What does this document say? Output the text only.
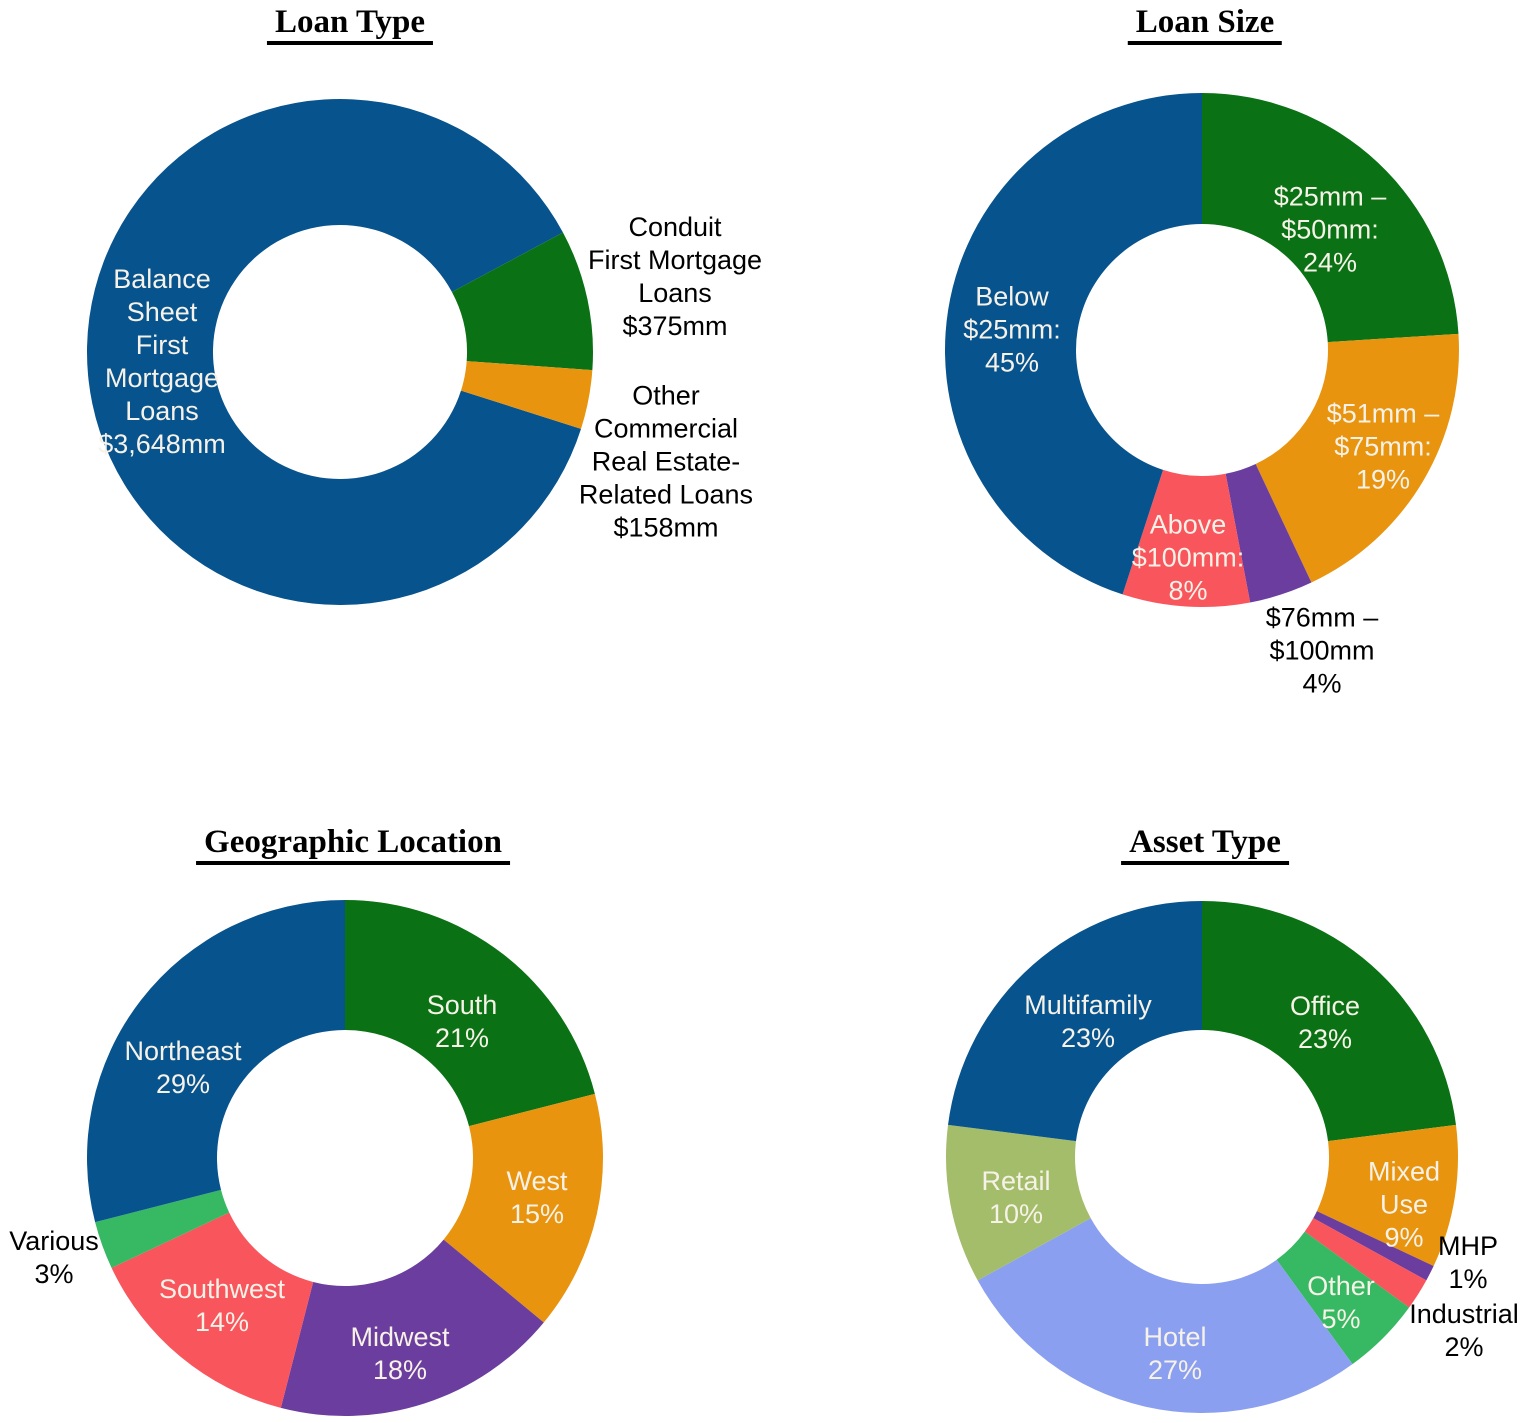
Loan Type	Loan Size
Geographic Location	Asset Type
Balance
Sheet
First
Mortgage
Loans
$3,648mm
Conduit
First Mortgage
Loans
$375mm
Other
Commercial
Real Estate-
Related Loans
$158mm
$25mm –
$50mm:
24%
$51mm –
$75mm:
19%
$76mm –
$100mm
4%
Above
$100mm:
8%
Below
$25mm:
45%
South
21%
West
15%
Midwest
18%
Southwest
14%
Various
3%
Northeast
29%
Office
23%
Mixed
Use
9% MHP
1%
Industrial
2%
Other
5%
Hotel
27%
Retail
10%
Multifamily
23%
